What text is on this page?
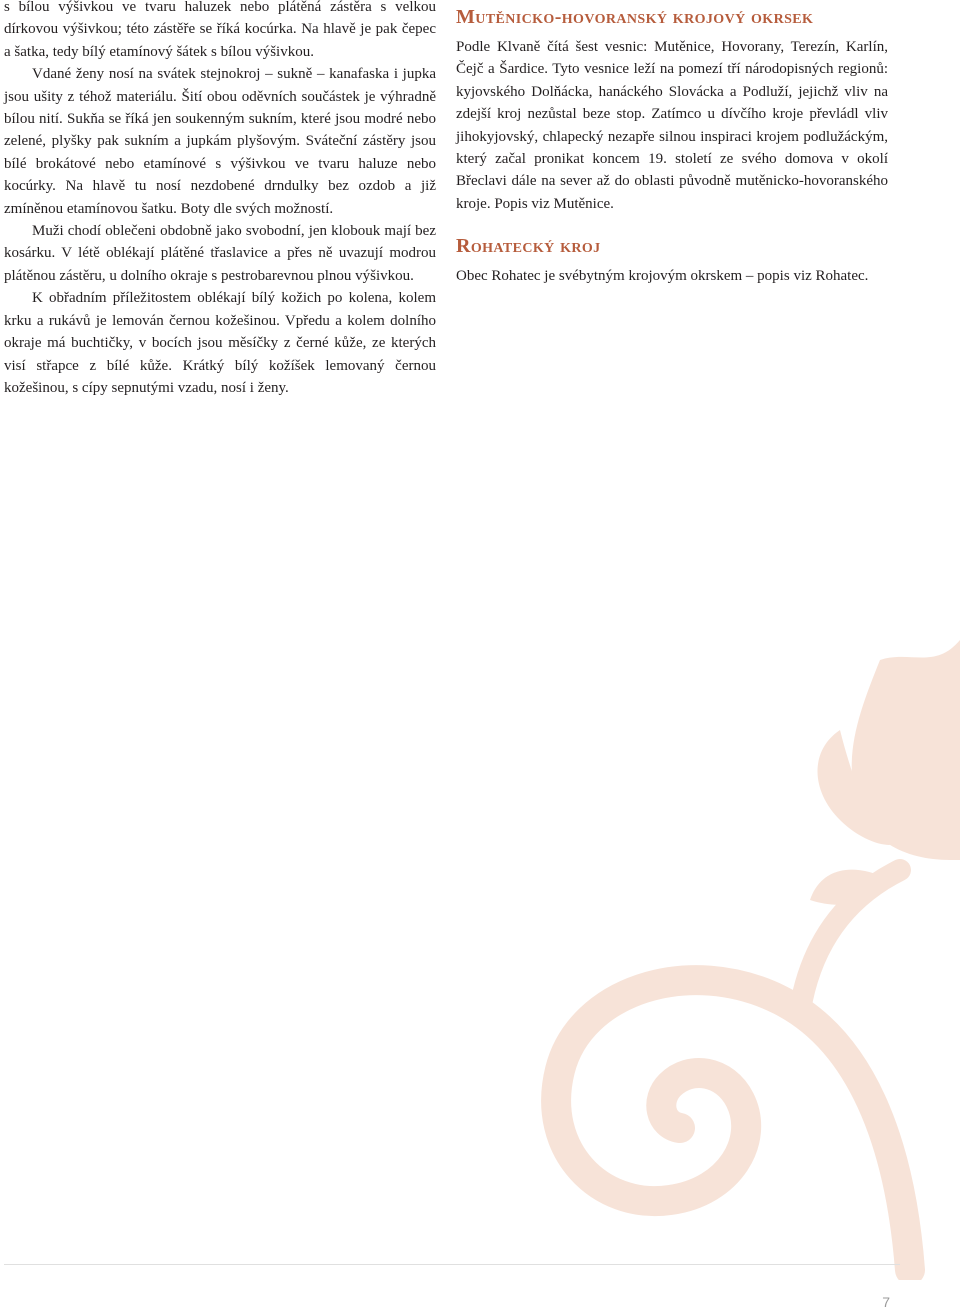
s bílou výšivkou ve tvaru haluzek nebo plátěná zástěra s velkou dírkovou výšivkou; této zástěře se říká kocúrka. Na hlavě je pak čepec a šatka, tedy bílý etamínový šátek s bílou výšivkou.

Vdané ženy nosí na svátek stejnokroj – sukně – kanafaska i jupka jsou ušity z téhož materiálu. Šití obou oděvních součástek je výhradně bílou nití. Sukňa se říká jen soukenným sukním, které jsou modré nebo zelené, plyšky pak sukním a jupkám plyšovým. Sváteční zástěry jsou bílé brokátové nebo etamínové s výšivkou ve tvaru haluze nebo kocúrky. Na hlavě tu nosí nezdobené drndulky bez ozdob a již zmíněnou etamínovou šatku. Boty dle svých možností.

Muži chodí oblečeni obdobně jako svobodní, jen klobouk mají bez kosárku. V létě oblékají plátěné třaslavice a přes ně uvazují modrou plátěnou zástěru, u dolního okraje s pestrobarevnou plnou výšivkou.

K obřadním příležitostem oblékají bílý kožich po kolena, kolem krku a rukávů je lemován černou kožešinou. Vpředu a kolem dolního okraje má buchtičky, v bocích jsou měsíčky z černé kůže, ze kterých visí střapce z bílé kůže. Krátký bílý kožíšek lemovaný černou kožešinou, s cípy sepnutými vzadu, nosí i ženy.

Mutěnicko-hovoranský krojový okrsek

Podle Klvaně čítá šest vesnic: Mutěnice, Hovorany, Terezín, Karlín, Čejč a Šardice. Tyto vesnice leží na pomezí tří národopisných regionů: kyjovského Dolňácka, hanáckého Slovácka a Podluží, jejichž vliv na zdejší kroj nezůstal beze stop. Zatímco u dívčího kroje převládl vliv jihokyjovský, chlapecký nezapře silnou inspiraci krojem podlužáckým, který začal pronikat koncem 19. století ze svého domova v okolí Břeclavi dále na sever až do oblasti původně mutěnicko-hovoranského kroje. Popis viz Mutěnice.

Rohatecký kroj

Obec Rohatec je svébytným krojovým okrskem – popis viz Rohatec.

7
